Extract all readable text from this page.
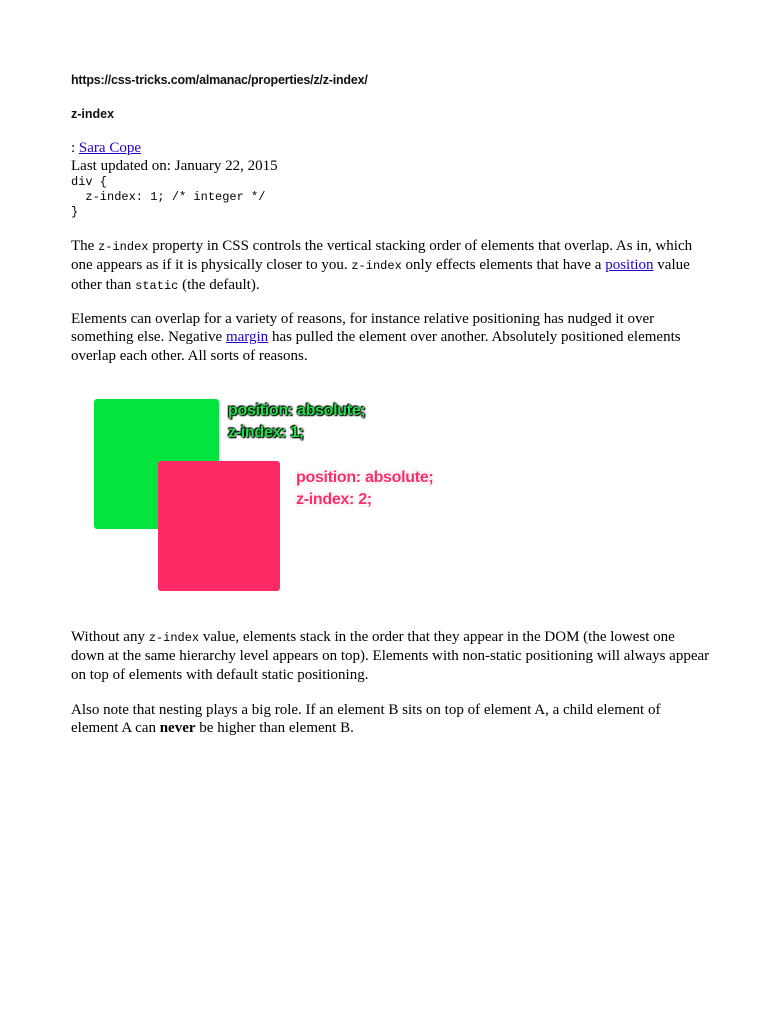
https://css-tricks.com/almanac/properties/z/z-index/
z-index
: Sara Cope
Last updated on: January 22, 2015
div {
z-index: 1; /* integer */
}

The z-index property in CSS controls the vertical stacking order of elements that overlap. As in, which one appears as if it is physically closer to you. z-index only effects elements that have a position value other than static (the default).

Elements can overlap for a variety of reasons, for instance relative positioning has nudged it over something else. Negative margin has pulled the element over another. Absolutely positioned elements overlap each other. All sorts of reasons.

position: absolute;
z-index: 1;
position: absolute;
z-index: 2;

Without any z-index value, elements stack in the order that they appear in the DOM (the lowest one down at the same hierarchy level appears on top). Elements with non-static positioning will always appear on top of elements with default static positioning.

Also note that nesting plays a big role. If an element B sits on top of element A, a child element of element A can never be higher than element B.
